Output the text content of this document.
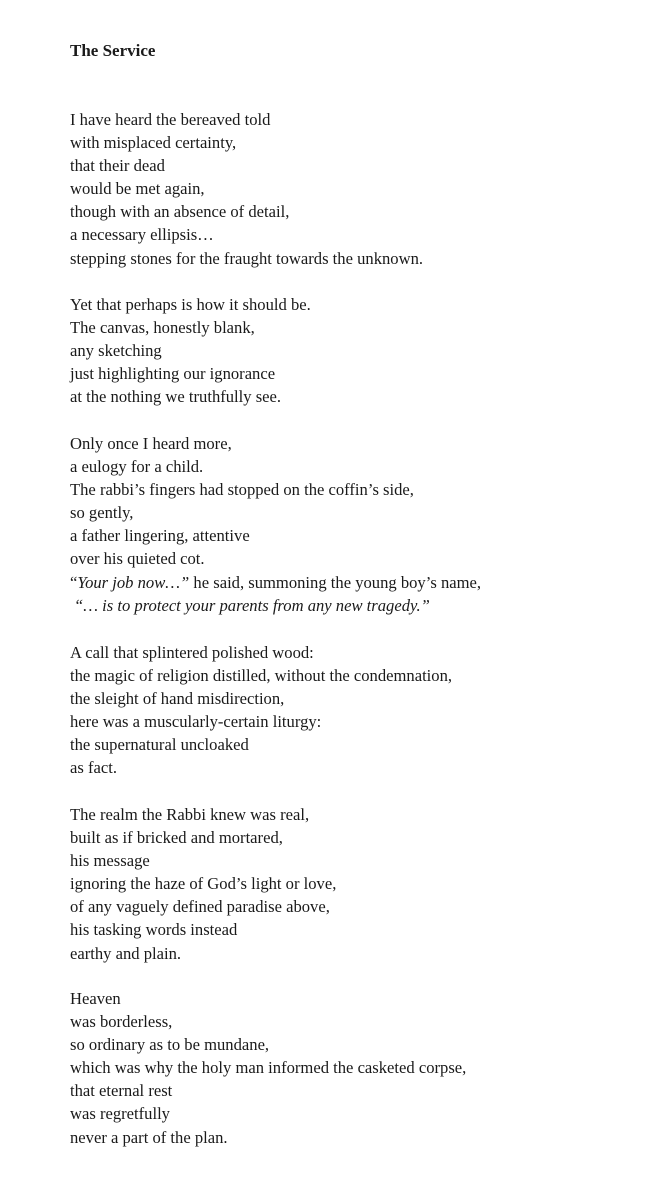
The Service
I have heard the bereaved told
with misplaced certainty,
that their dead
would be met again,
though with an absence of detail,
a necessary ellipsis…
stepping stones for the fraught towards the unknown.
Yet that perhaps is how it should be.
The canvas, honestly blank,
any sketching
just highlighting our ignorance
at the nothing we truthfully see.
Only once I heard more,
a eulogy for a child.
The rabbi’s fingers had stopped on the coffin’s side,
so gently,
a father lingering, attentive
over his quieted cot.
“Your job now…” he said, summoning the young boy’s name,
“… is to protect your parents from any new tragedy.”
A call that splintered polished wood:
the magic of religion distilled, without the condemnation,
the sleight of hand misdirection,
here was a muscularly-certain liturgy:
the supernatural uncloaked
as fact.
The realm the Rabbi knew was real,
built as if bricked and mortared,
his message
ignoring the haze of God’s light or love,
of any vaguely defined paradise above,
his tasking words instead
earthy and plain.
Heaven
was borderless,
so ordinary as to be mundane,
which was why the holy man informed the casketed corpse,
that eternal rest
was regretfully
never a part of the plan.
